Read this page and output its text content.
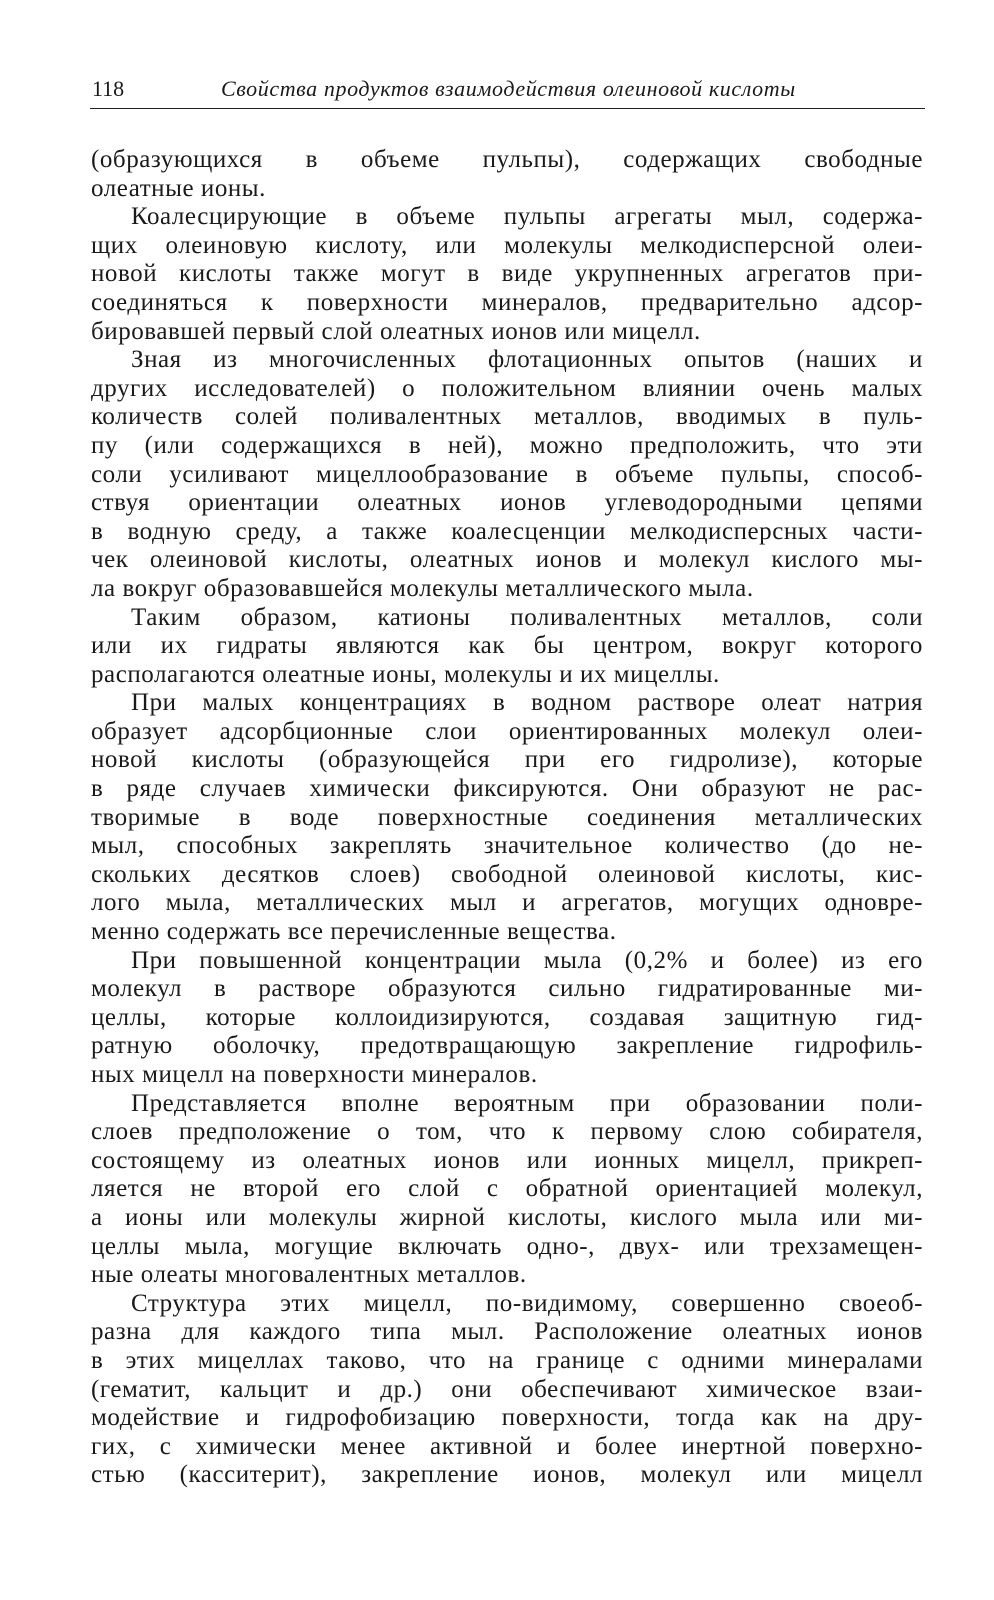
118	Свойства продуктов взаимодействия олеиновой кислоты
(образующихся в объеме пульпы), содержащих свободные
олеатные ионы.
Коалесцирующие в объеме пульпы агрегаты мыл, содержа-
щих олеиновую кислоту, или молекулы мелкодисперсной олеи-
новой кислоты также могут в виде укрупненных агрегатов при-
соединяться к поверхности минералов, предварительно адсор-
бировавшей первый слой олеатных ионов или мицелл.
Зная из многочисленных флотационных опытов (наших и
других исследователей) о положительном влиянии очень малых
количеств солей поливалентных металлов, вводимых в пуль-
пу (или содержащихся в ней), можно предположить, что эти
соли усиливают мицеллообразование в объеме пульпы, способ-
ствуя ориентации олеатных ионов углеводородными цепями
в водную среду, а также коалесценции мелкодисперсных части-
чек олеиновой кислоты, олеатных ионов и молекул кислого мы-
ла вокруг образовавшейся молекулы металлического мыла.
Таким образом, катионы поливалентных металлов, соли
или их гидраты являются как бы центром, вокруг которого
располагаются олеатные ионы, молекулы и их мицеллы.
При малых концентрациях в водном растворе олеат натрия
образует адсорбционные слои ориентированных молекул олеи-
новой кислоты (образующейся при его гидролизе), которые
в ряде случаев химически фиксируются. Они образуют не рас-
творимые в воде поверхностные соединения металлических
мыл, способных закреплять значительное количество (до не-
скольких десятков слоев) свободной олеиновой кислоты, кис-
лого мыла, металлических мыл и агрегатов, могущих одновре-
менно содержать все перечисленные вещества.
При повышенной концентрации мыла (0,2% и более) из его
молекул в растворе образуются сильно гидратированные ми-
целлы, которые коллоидизируются, создавая защитную гид-
ратную оболочку, предотвращающую закрепление гидрофиль-
ных мицелл на поверхности минералов.
Представляется вполне вероятным при образовании поли-
слоев предположение о том, что к первому слою собирателя,
состоящему из олеатных ионов или ионных мицелл, прикреп-
ляется не второй его слой с обратной ориентацией молекул,
а ионы или молекулы жирной кислоты, кислого мыла или ми-
целлы мыла, могущие включать одно-, двух- или трехзамещен-
ные олеаты многовалентных металлов.
Структура этих мицелл, по-видимому, совершенно своеоб-
разна для каждого типа мыл. Расположение олеатных ионов
в этих мицеллах таково, что на границе с одними минералами
(гематит, кальцит и др.) они обеспечивают химическое взаи-
модействие и гидрофобизацию поверхности, тогда как на дру-
гих, с химически менее активной и более инертной поверхно-
стью (касситерит), закрепление ионов, молекул или мицелл
